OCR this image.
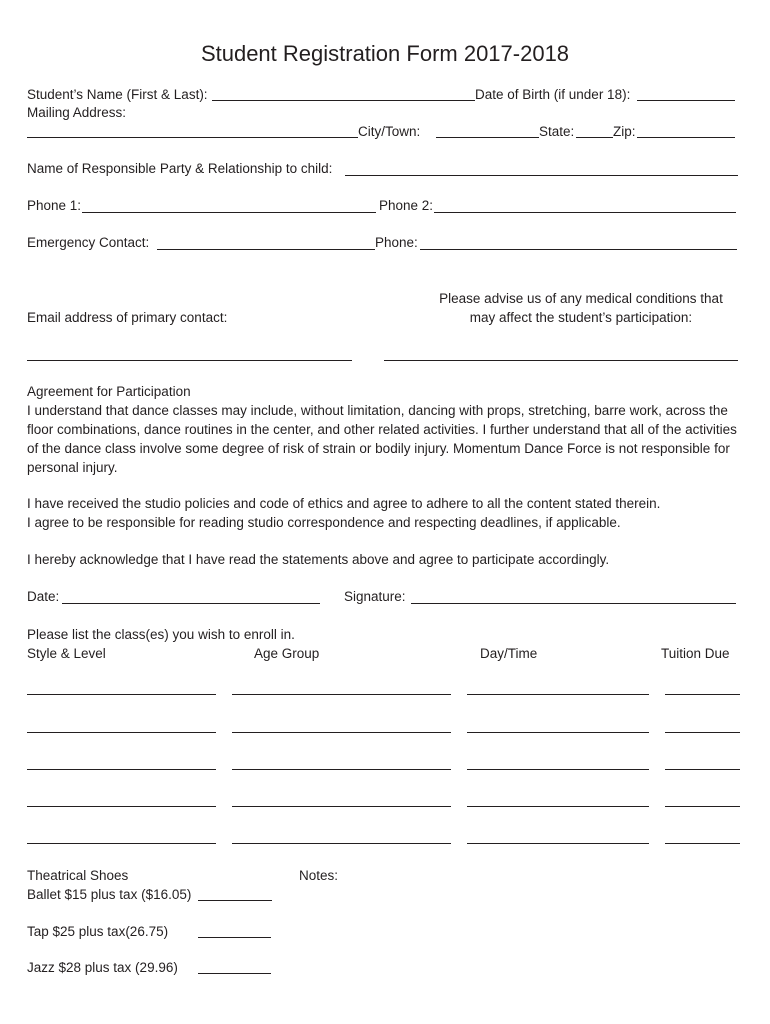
Student Registration Form 2017-2018
Student’s Name (First & Last):	Date of Birth (if under 18):
Mailing Address:
City/Town:	State:	Zip:
Name of Responsible Party & Relationship to child:
Phone 1:	Phone 2:
Emergency Contact:	Phone:
Please advise us of any medical conditions that
may affect the student’s participation:
Email address of primary contact:

Agreement for Participation

I understand that dance classes may include, without limitation, dancing with props, stretching, barre work, across the floor combinations, dance routines in the center, and other related activities. I further understand that all of the activities of the dance class involve some degree of risk of strain or bodily injury. Momentum Dance Force is not responsible for personal injury.

I have received the studio policies and code of ethics and agree to adhere to all the content stated therein.

I agree to be responsible for reading studio correspondence and respecting deadlines, if applicable.

I hereby acknowledge that I have read the statements above and agree to participate accordingly.

Date:	Signature:
Please list the class(es) you wish to enroll in.
Style & Level	Age Group	Day/Time	Tuition Due
Theatrical Shoes	Notes:
Ballet $15 plus tax ($16.05)
Tap $25 plus tax(26.75)
Jazz $28 plus tax (29.96)
